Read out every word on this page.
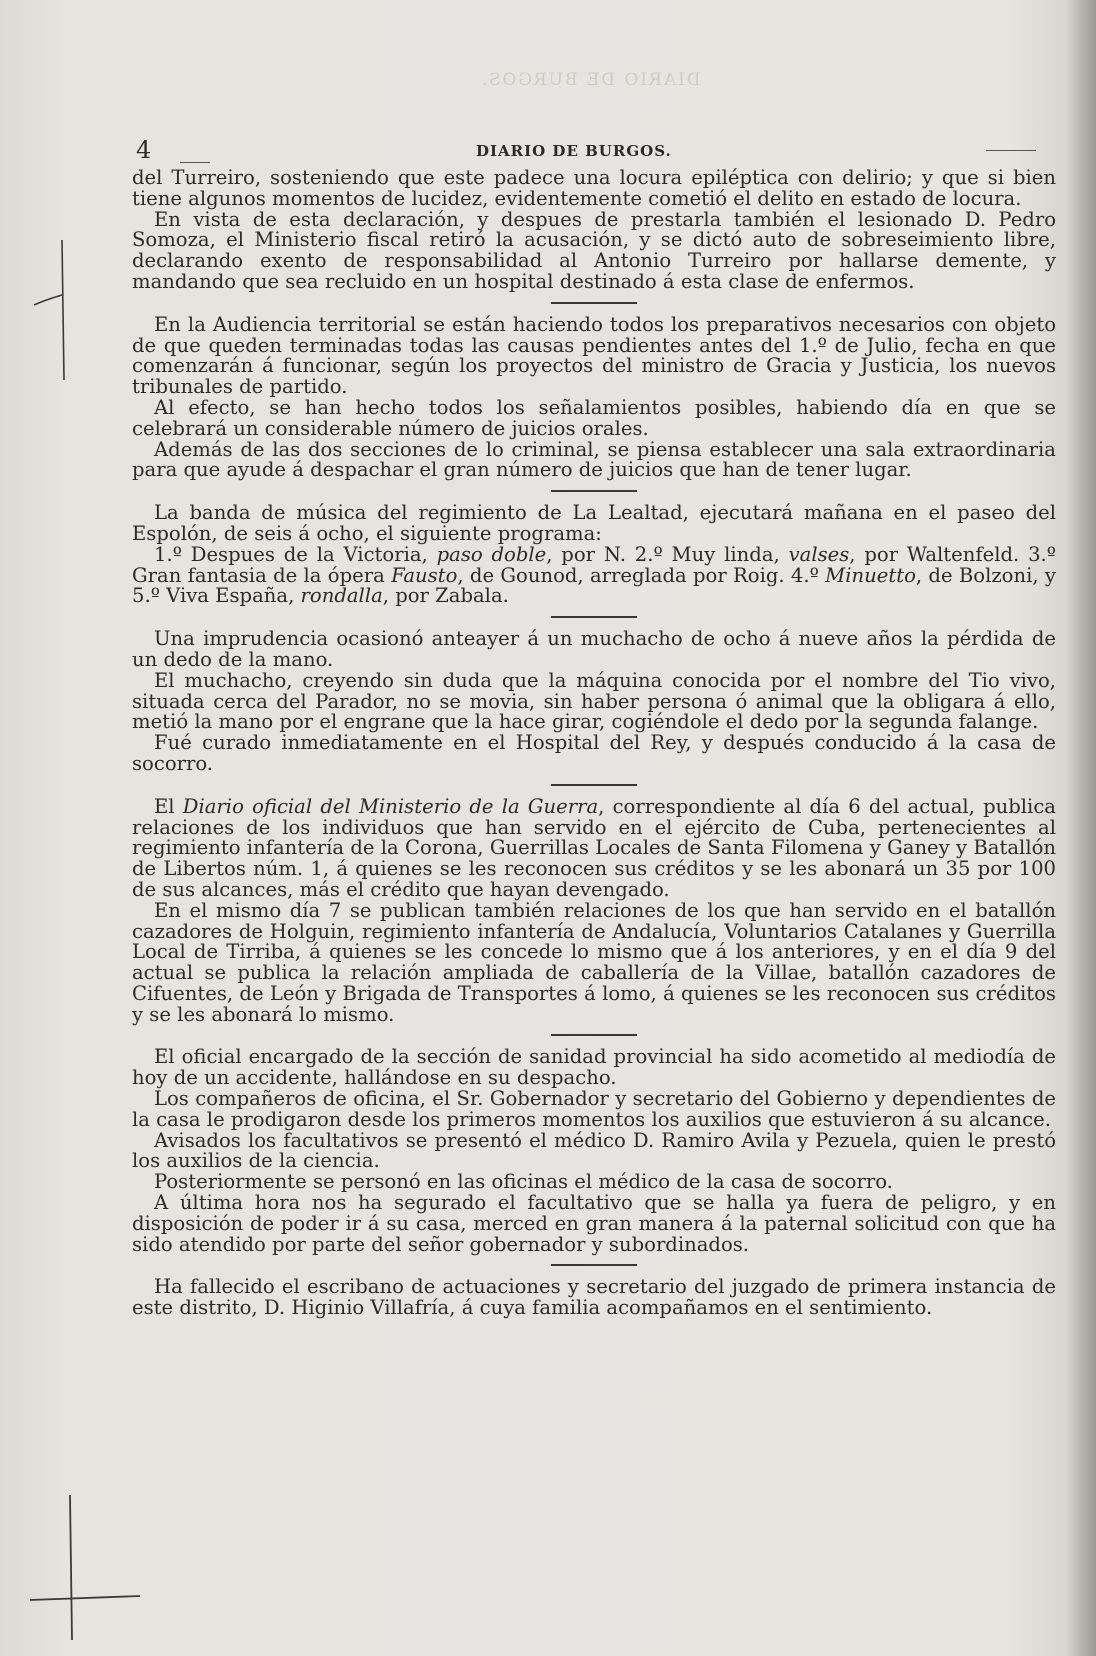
DIARIO DE BURGOS.
4	DIARIO DE BURGOS.

del Turreiro, sosteniendo que este padece una locura epiléptica con delirio; y que si bien tiene algunos momentos de lucidez, evidentemente cometió el delito en estado de locura.

En vista de esta declaración, y despues de prestarla también el lesionado D. Pedro Somoza, el Ministerio fiscal retiró la acusación, y se dictó auto de sobreseimiento libre, declarando exento de responsabilidad al Antonio Turreiro por hallarse demente, y mandando que sea recluido en un hospital destinado á esta clase de enfermos.

En la Audiencia territorial se están haciendo todos los preparativos necesarios con objeto de que queden terminadas todas las causas pendientes antes del 1.º de Julio, fecha en que comenzarán á funcionar, según los proyectos del ministro de Gracia y Justicia, los nuevos tribunales de partido.

Al efecto, se han hecho todos los señalamientos posibles, habiendo día en que se celebrará un considerable número de juicios orales.

Además de las dos secciones de lo criminal, se piensa establecer una sala extraordinaria para que ayude á despachar el gran número de juicios que han de tener lugar.

La banda de música del regimiento de La Lealtad, ejecutará mañana en el paseo del Espolón, de seis á ocho, el siguiente programa:

1.º Despues de la Victoria, paso doble, por N. 2.º Muy linda, valses, por Waltenfeld. 3.º Gran fantasia de la ópera Fausto, de Gounod, arreglada por Roig. 4.º Minuetto, de Bolzoni, y 5.º Viva España, rondalla, por Zabala.

Una imprudencia ocasionó anteayer á un muchacho de ocho á nueve años la pérdida de un dedo de la mano.

El muchacho, creyendo sin duda que la máquina conocida por el nombre del Tio vivo, situada cerca del Parador, no se movia, sin haber persona ó animal que la obligara á ello, metió la mano por el engrane que la hace girar, cogiéndole el dedo por la segunda falange.

Fué curado inmediatamente en el Hospital del Rey, y después conducido á la casa de socorro.

El Diario oficial del Ministerio de la Guerra, correspondiente al día 6 del actual, publica relaciones de los individuos que han servido en el ejército de Cuba, pertenecientes al regimiento infantería de la Corona, Guerrillas Locales de Santa Filomena y Ganey y Batallón de Libertos núm. 1, á quienes se les reconocen sus créditos y se les abonará un 35 por 100 de sus alcances, más el crédito que hayan devengado.

En el mismo día 7 se publican también relaciones de los que han servido en el batallón cazadores de Holguin, regimiento infantería de Andalucía, Voluntarios Catalanes y Guerrilla Local de Tirriba, á quienes se les concede lo mismo que á los anteriores, y en el día 9 del actual se publica la relación ampliada de caballería de la Villae, batallón cazadores de Cifuentes, de León y Brigada de Transportes á lomo, á quienes se les reconocen sus créditos y se les abonará lo mismo.

El oficial encargado de la sección de sanidad provincial ha sido acometido al mediodía de hoy de un accidente, hallándose en su despacho.

Los compañeros de oficina, el Sr. Gobernador y secretario del Gobierno y dependientes de la casa le prodigaron desde los primeros momentos los auxilios que estuvieron á su alcance.

Avisados los facultativos se presentó el médico D. Ramiro Avila y Pezuela, quien le prestó los auxilios de la ciencia.

Posteriormente se personó en las oficinas el médico de la casa de socorro.

A última hora nos ha segurado el facultativo que se halla ya fuera de peligro, y en disposición de poder ir á su casa, merced en gran manera á la paternal solicitud con que ha sido atendido por parte del señor gobernador y subordinados.

Ha fallecido el escribano de actuaciones y secretario del juzgado de primera instancia de este distrito, D. Higinio Villafría, á cuya familia acompañamos en el sentimiento.
